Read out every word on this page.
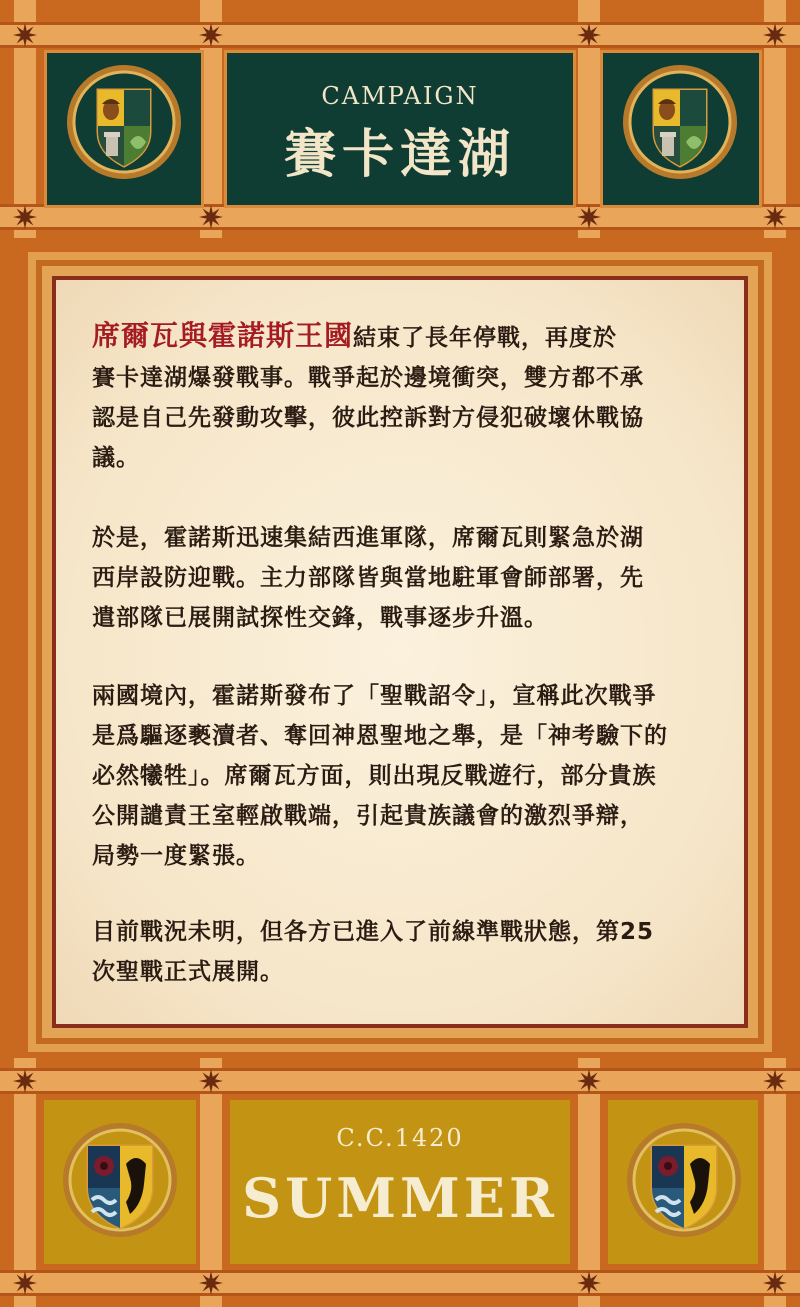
CAMPAIGN
賽卡達湖
席爾瓦與霍諾斯王國結束了長年停戰，再度於
賽卡達湖爆發戰事。戰爭起於邊境衝突，雙方都不承
認是自己先發動攻擊，彼此控訴對方侵犯破壞休戰協
議。
於是，霍諾斯迅速集結西進軍隊，席爾瓦則緊急於湖
西岸設防迎戰。主力部隊皆與當地駐軍會師部署，先
遣部隊已展開試探性交鋒，戰事逐步升溫。
兩國境內，霍諾斯發布了「聖戰詔令」，宣稱此次戰爭
是爲驅逐褻瀆者、奪回神恩聖地之舉，是「神考驗下的
必然犧牲」。席爾瓦方面，則出現反戰遊行，部分貴族
公開譴責王室輕啟戰端，引起貴族議會的激烈爭辯，
局勢一度緊張。
目前戰況未明，但各方已進入了前線準戰狀態，第25
次聖戰正式展開。
C.C.1420
SUMMER
